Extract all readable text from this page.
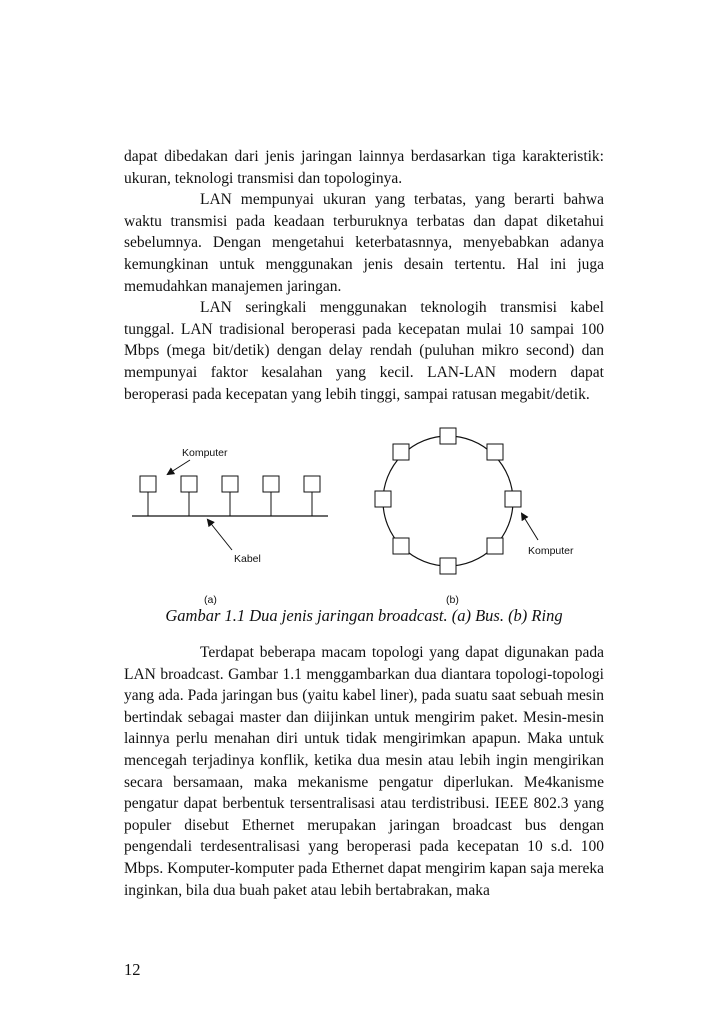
dapat dibedakan dari jenis jaringan lainnya berdasarkan tiga karakteristik: ukuran, teknologi transmisi dan topologinya.
LAN mempunyai ukuran yang terbatas, yang berarti bahwa waktu transmisi pada keadaan terburuknya terbatas dan dapat diketahui sebelumnya. Dengan mengetahui keterbatasnnya, menyebabkan adanya kemungkinan untuk menggunakan jenis desain tertentu. Hal ini juga memudahkan manajemen jaringan.
LAN seringkali menggunakan teknologih transmisi kabel tunggal. LAN tradisional beroperasi pada kecepatan mulai 10 sampai 100 Mbps (mega bit/detik) dengan delay rendah (puluhan mikro second) dan mempunyai faktor kesalahan yang kecil. LAN-LAN modern dapat beroperasi pada kecepatan yang lebih tinggi, sampai ratusan megabit/detik.
Komputer
Kabel
(a)
Komputer
(b)
Gambar 1.1 Dua jenis jaringan broadcast. (a) Bus. (b) Ring
Terdapat beberapa macam topologi yang dapat digunakan pada LAN broadcast. Gambar 1.1 menggambarkan dua diantara topologi-topologi yang ada. Pada jaringan bus (yaitu kabel liner), pada suatu saat sebuah mesin bertindak sebagai master dan diijinkan untuk mengirim paket. Mesin-mesin lainnya perlu menahan diri untuk tidak mengirimkan apapun. Maka untuk mencegah terjadinya konflik, ketika dua mesin atau lebih ingin mengirikan secara bersamaan, maka mekanisme pengatur diperlukan. Me4kanisme pengatur dapat berbentuk tersentralisasi atau terdistribusi. IEEE 802.3 yang populer disebut Ethernet merupakan jaringan broadcast bus dengan pengendali terdesentralisasi yang beroperasi pada kecepatan 10 s.d. 100 Mbps. Komputer-komputer pada Ethernet dapat mengirim kapan saja mereka inginkan, bila dua buah paket atau lebih bertabrakan, maka
12
